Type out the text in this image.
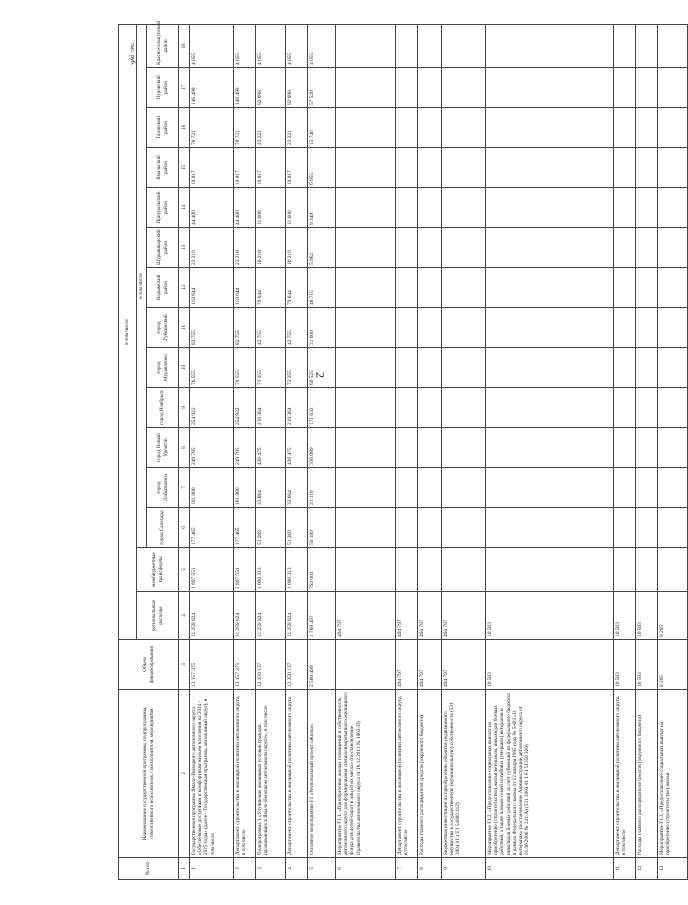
2
тыс. руб.
№ п/п	Наименование государственной программы, подпрограммы, ответственного исполнителя, соисполнителя, мероприятия	Объем финансирования	в том числе														
			региональные расходы	межбюджетные трансферты	в том числе												
					город Салехард	город Лабытнанги	город Новый Уренгой	город Ноябрьск	город Муравленко	город Губкинский	Надымский район	Шурышкарский район	Приуральский район	Ямальский район	Тазовский район	Пуровский район	Красноселькупский район

1	2	3	4	5	6	7	8	9	10	11	12	13	14	15	16	17	18
1	Государственная программа Ямало-Ненецкого автономного округа «Обеспечение доступным и комфортным жильем населения на 2014 - 2025 годы» (далее - Государственная программа, автономный округ), в том числе	13 157 375	11 259 824	1 897 551	177 465	101 800	249 785	254 922	76 555	82 755	118 644	23 218	44 400	18 817	78 721	146 498	4 055
2	Департамент строительства и жилищной политики автономного округа, в том числе	13 157 375	11 259 824	1 897 551	177 465	101 800	249 785	254 922	76 555	82 755	118 644	23 218	44 400	18 817	78 721	146 498	4 055
3	Подпрограмма 1 «Улучшение жилищных условий граждан, проживающих в Ямало-Ненецком автономном округе», в том числе	12 350 137	11 259 824	1 090 313	51 269	33 664	436 475	210 364	73 355	42 755	79 644	10 218	11 600	18 817	23 221	92 698	4 055
4	Департамент строительства и жилищной политики автономного округа	12 350 137	11 259 824	1 090 313	51 269	33 664	436 475	210 364	73 355	42 755	79 644	10 218	11 600	18 817	23 221	92 698	4 055
5	Основное мероприятие F1 «Региональный проект «Жилье»	2 560 499	1 768 497	792 002	50 189	21 119	336 089	171 632	60 525	31 000	48 715	5 962	9 349	6 955	15 746	57 520	4 055
6	Мероприятие F1.1. «Приобретение жилых помещений в собственность автономного округа для формирования специализированного жилищного фонда для детей-сирот и лиц из их числа» (постановление Правительства автономного округа от 18.12.2013 № 1063-П)		494 797														
7	Департамент строительства и жилищной политики автономного округа, в том числе	494 797	494 797														
8	Расходы главного распорядителя средств (окружного бюджета)	494 797	494 797														
9	Бюджетные инвестиции на приобретение объектов недвижимого имущества в государственную (муниципальную) собственность (531 3004 01 1 F1 54080 412)	494 797	494 797														
10	Мероприятие F1.2. «Предоставление социальных выплат на приобретение (строительство) жилья ветеранам, инвалидам боевых действий, а также членам семей погибших (умерших) ветеранов и инвалидов боевых действий за счет субвенций из федерального бюджета в рамках Федерального закона от 12 января 1995 года № 5-ФЗ «О ветеранах» (постановление Администрации автономного округа от 01.06.2006 № 241-А) (531 3003 01 1 F1 51350 320)	10 503	10 503														
11	Департамент строительства и жилищной политики автономного округа, в том числе	10 503	10 503														
12	Расходы главного распорядителя средств (окружного бюджета)	10 503	10 503														
13	Мероприятие F1.3. «Предоставление социальных выплат на приобретение (строительство) жилья	8 205	8 205														
